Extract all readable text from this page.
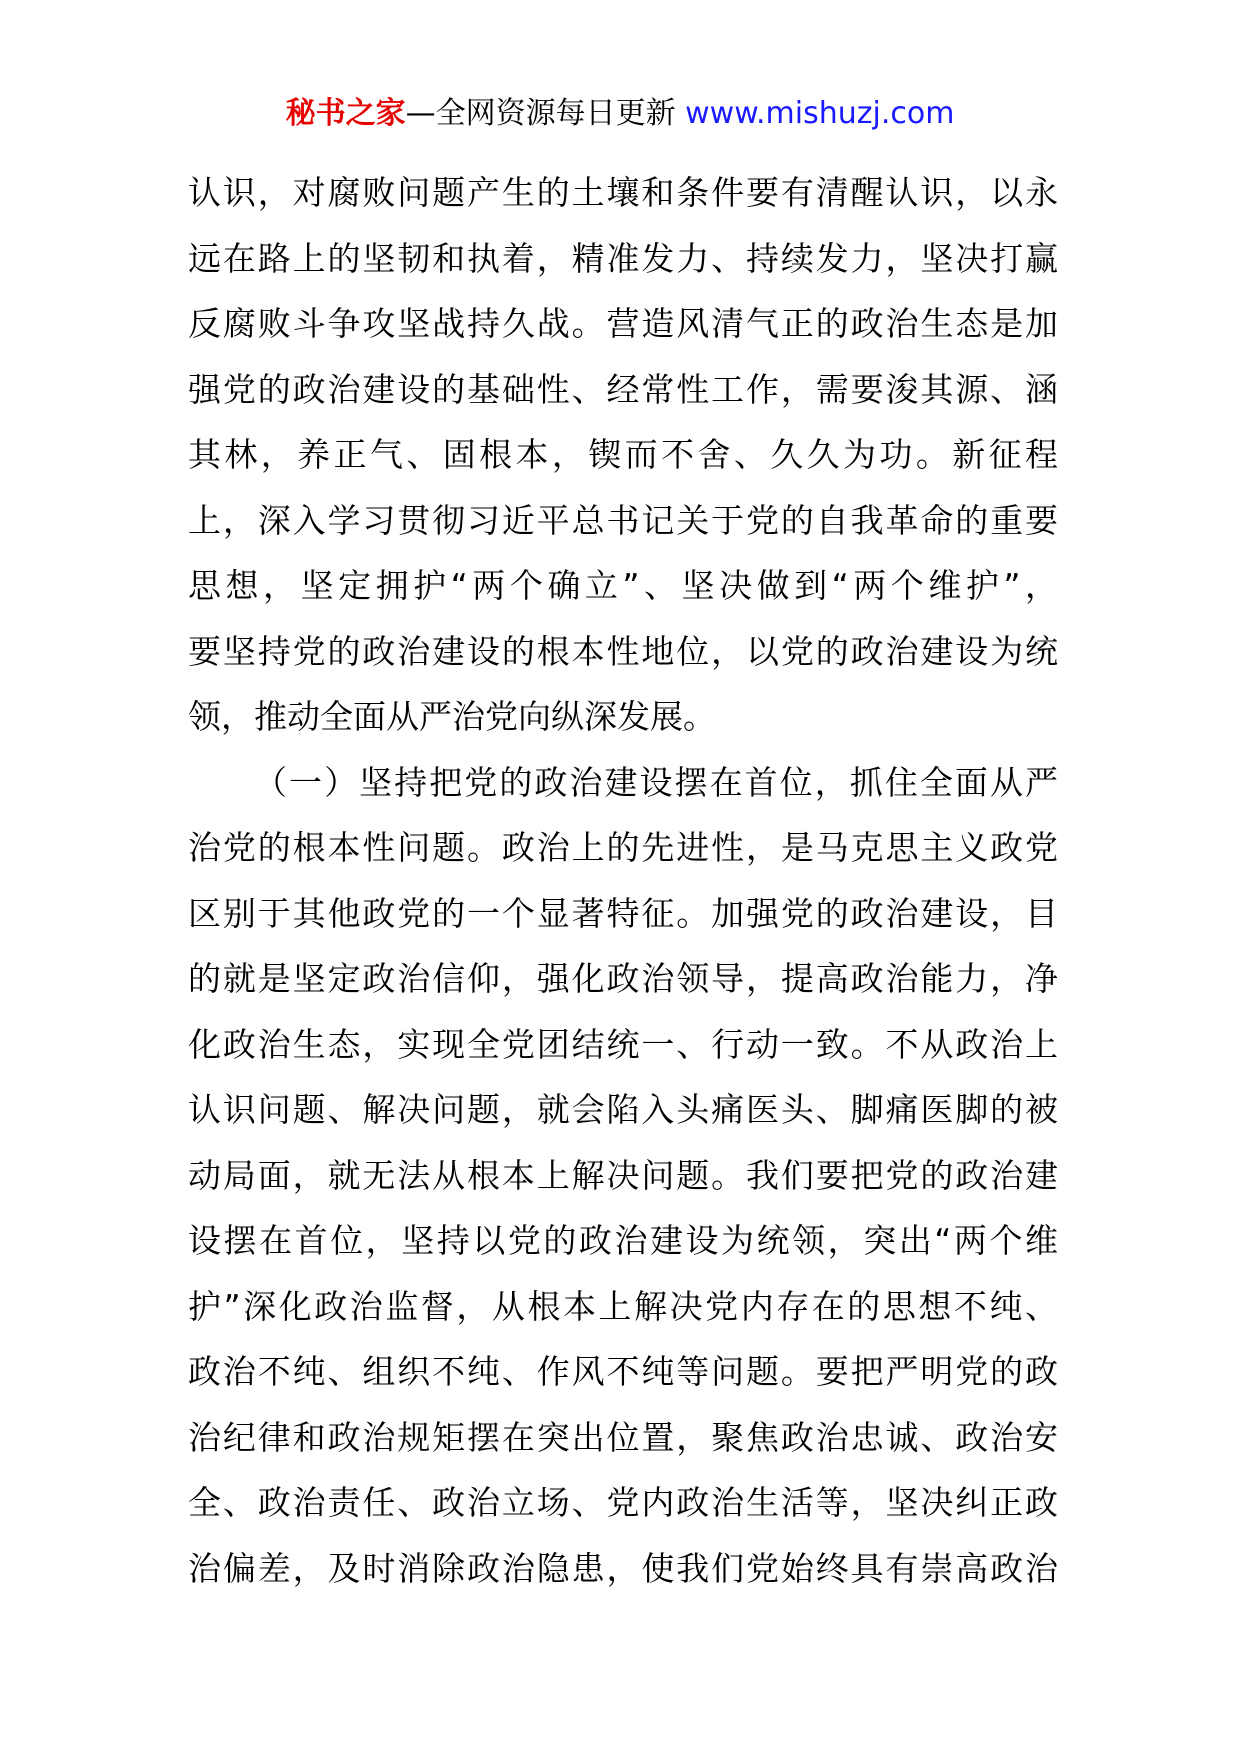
秘书之家—全网资源每日更新 www.mishuzj.com
认识，对腐败问题产生的土壤和条件要有清醒认识，以永
远在路上的坚韧和执着，精准发力、持续发力，坚决打赢
反腐败斗争攻坚战持久战。营造风清气正的政治生态是加
强党的政治建设的基础性、经常性工作，需要浚其源、涵
其林，养正气、固根本，锲而不舍、久久为功。新征程
上，深入学习贯彻习近平总书记关于党的自我革命的重要
思想，坚定拥护“两个确立”、坚决做到“两个维护”，
要坚持党的政治建设的根本性地位，以党的政治建设为统
领，推动全面从严治党向纵深发展。
（一）坚持把党的政治建设摆在首位，抓住全面从严
治党的根本性问题。政治上的先进性，是马克思主义政党
区别于其他政党的一个显著特征。加强党的政治建设，目
的就是坚定政治信仰，强化政治领导，提高政治能力，净
化政治生态，实现全党团结统一、行动一致。不从政治上
认识问题、解决问题，就会陷入头痛医头、脚痛医脚的被
动局面，就无法从根本上解决问题。我们要把党的政治建
设摆在首位，坚持以党的政治建设为统领，突出“两个维
护”深化政治监督，从根本上解决党内存在的思想不纯、
政治不纯、组织不纯、作风不纯等问题。要把严明党的政
治纪律和政治规矩摆在突出位置，聚焦政治忠诚、政治安
全、政治责任、政治立场、党内政治生活等，坚决纠正政
治偏差，及时消除政治隐患，使我们党始终具有崇高政治
